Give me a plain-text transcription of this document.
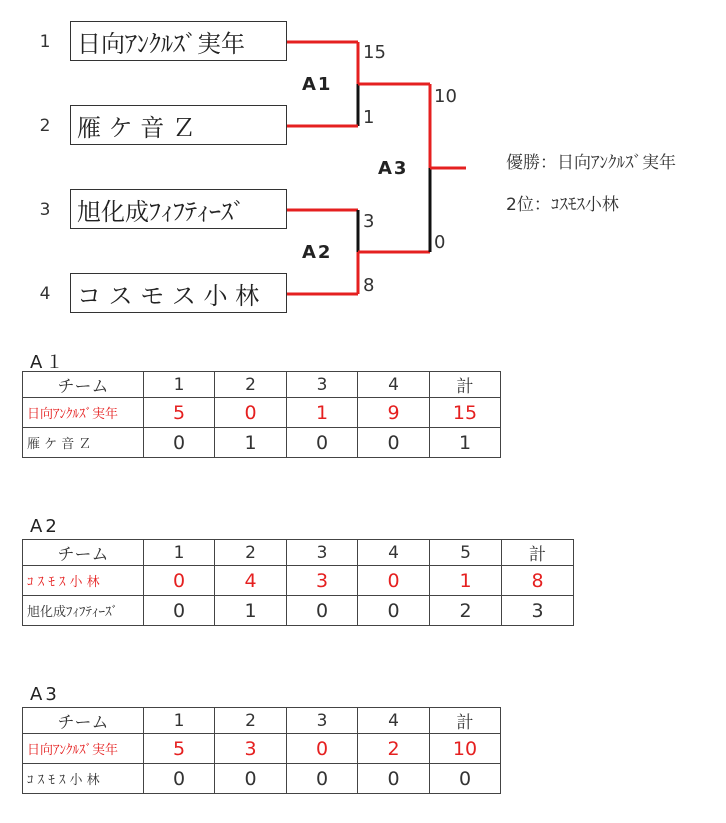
1	日向ｱﾝｸﾙｽﾞ実年
2	雁 ケ 音 Ｚ
3	旭化成ﾌｨﾌﾃｨｰｽﾞ
4	コ ス モ ス 小 林
A1
15
1
A2
3
8
A3
10
0
優勝：日向ｱﾝｸﾙｽﾞ実年
2位：ｺｽﾓｽ小林
A１
チーム	1	2	3	4	計
日向ｱﾝｸﾙｽﾞ実年	5	0	1	9	15
雁 ケ 音 Ｚ	0	1	0	0	1
A2
チーム	1	2	3	4	5	計
ｺ ｽ ﾓ ｽ 小 林	0	4	3	0	1	8
旭化成ﾌｨﾌﾃｨｰｽﾞ	0	1	0	0	2	3
A3
チーム	1	2	3	4	計
日向ｱﾝｸﾙｽﾞ実年	5	3	0	2	10
ｺ ｽ ﾓ ｽ 小 林	0	0	0	0	0
